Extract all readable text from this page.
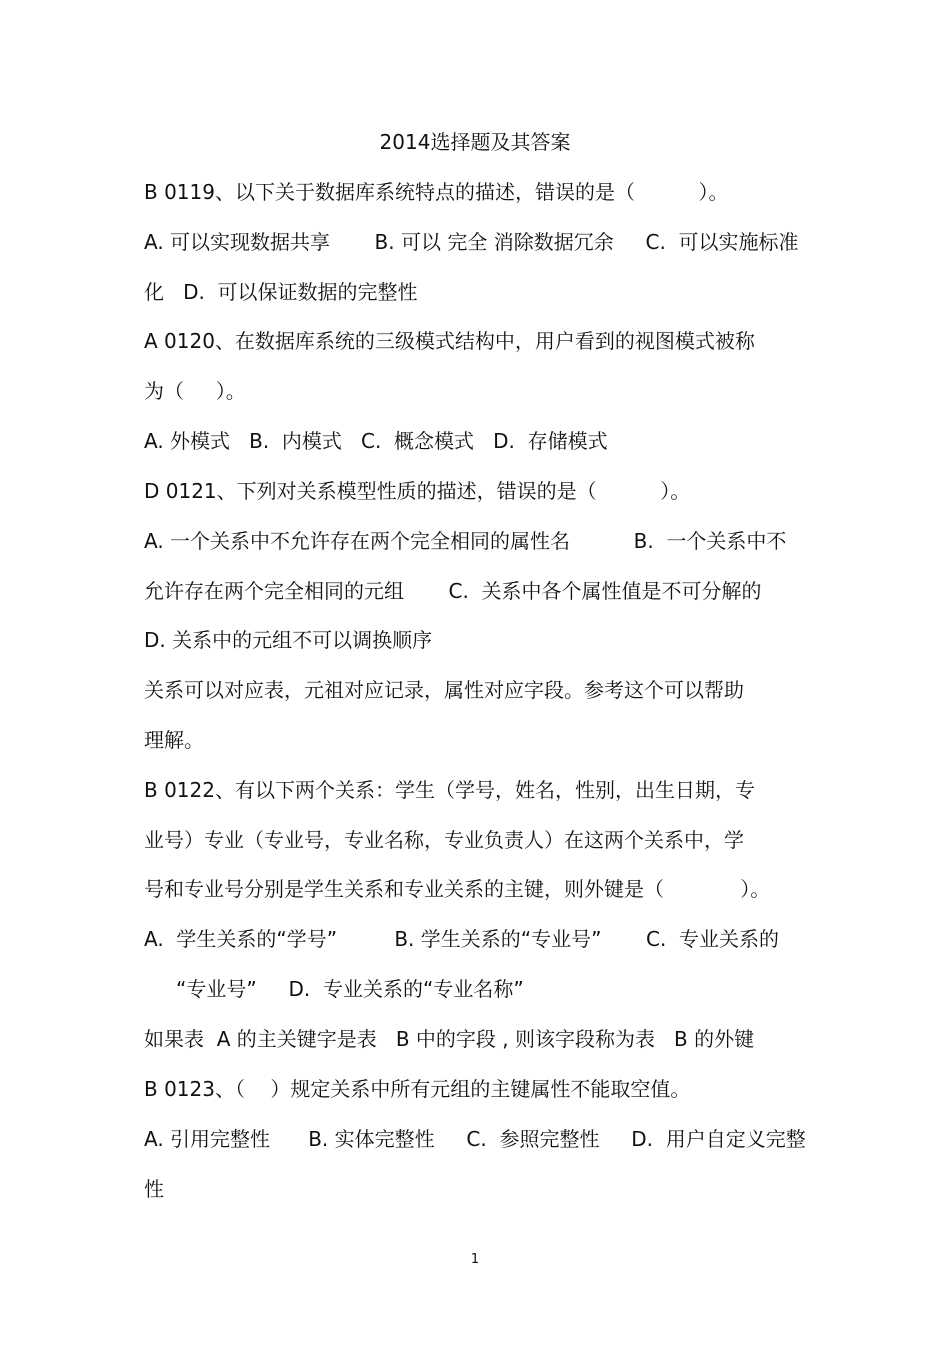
2014选择题及其答案

B 0119、以下关于数据库系统特点的描述，错误的是（          ）。

A. 可以实现数据共享       B. 可以 完全 消除数据冗余     C.  可以实施标准

化   D.  可以保证数据的完整性

A 0120、在数据库系统的三级模式结构中，用户看到的视图模式被称

为（     ）。

A. 外模式   B.  内模式   C.  概念模式   D.  存储模式

D 0121、下列对关系模型性质的描述，错误的是（          ）。

A. 一个关系中不允许存在两个完全相同的属性名          B.  一个关系中不

允许存在两个完全相同的元组       C.  关系中各个属性值是不可分解的

D. 关系中的元组不可以调换顺序

关系可以对应表，元祖对应记录，属性对应字段。参考这个可以帮助

理解。

B 0122、有以下两个关系：学生（学号，姓名，性别，出生日期，专

业号）专业（专业号，专业名称，专业负责人）在这两个关系中，学

号和专业号分别是学生关系和专业关系的主键，则外键是（            ）。

A.  学生关系的“学号”         B. 学生关系的“专业号”       C.  专业关系的

“专业号”     D.  专业关系的“专业名称”

如果表  A 的主关键字是表   B 中的字段 , 则该字段称为表   B 的外键

B 0123、（    ）规定关系中所有元组的主键属性不能取空值。

A. 引用完整性      B. 实体完整性     C.  参照完整性     D.  用户自定义完整

性

1
